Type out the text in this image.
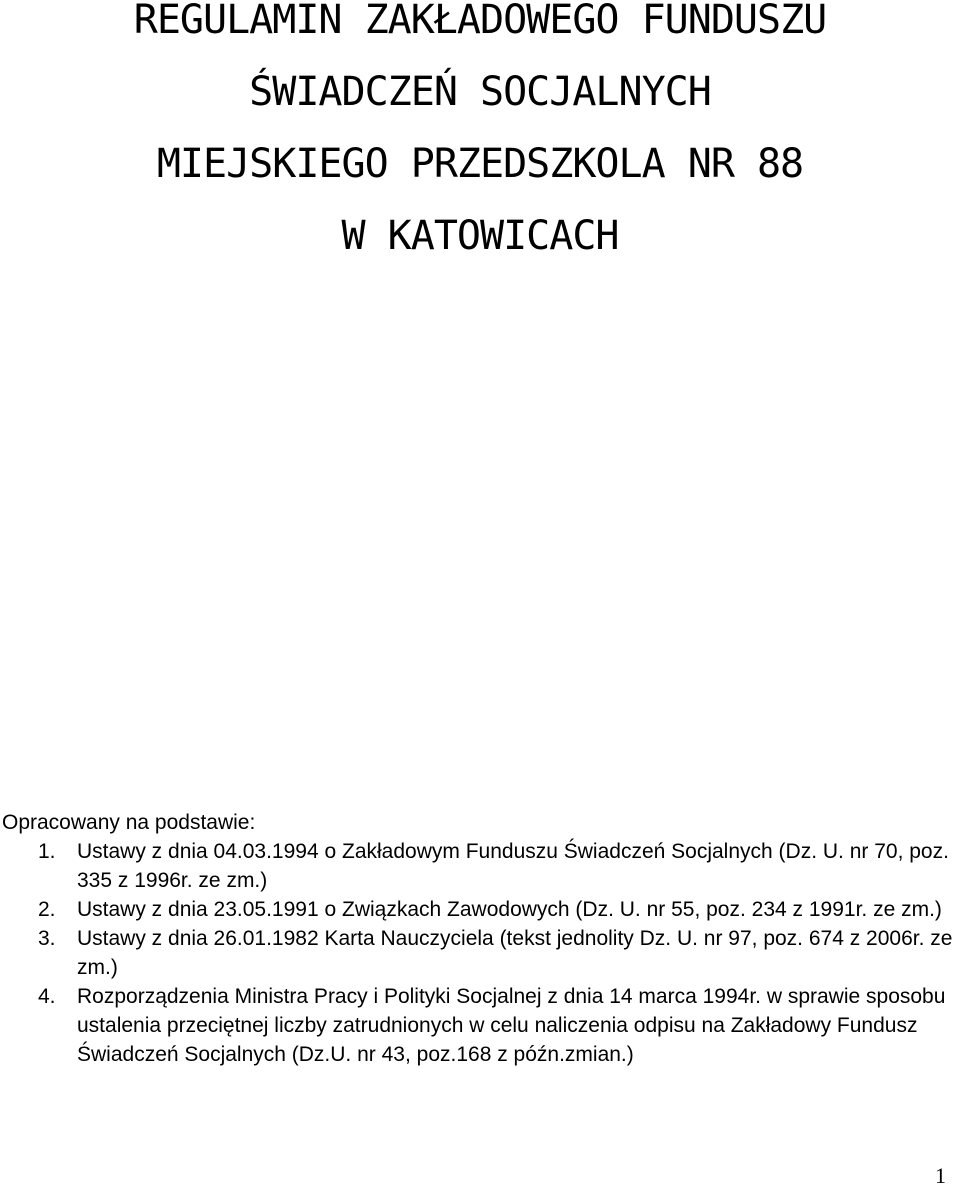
REGULAMIN ZAKŁADOWEGO FUNDUSZU
ŚWIADCZEŃ SOCJALNYCH
MIEJSKIEGO PRZEDSZKOLA NR 88
W KATOWICACH
Opracowany na podstawie:
1. Ustawy z dnia 04.03.1994 o Zakładowym Funduszu Świadczeń Socjalnych (Dz. U. nr 70, poz. 335 z 1996r. ze zm.)
2. Ustawy z dnia 23.05.1991 o Związkach Zawodowych (Dz. U. nr 55, poz. 234 z 1991r. ze zm.)
3. Ustawy z dnia 26.01.1982 Karta Nauczyciela (tekst jednolity Dz. U. nr 97, poz. 674 z 2006r. ze zm.)
4. Rozporządzenia Ministra Pracy i Polityki Socjalnej z dnia 14 marca 1994r. w sprawie sposobu ustalenia przeciętnej liczby zatrudnionych w celu naliczenia odpisu na Zakładowy Fundusz Świadczeń Socjalnych (Dz.U. nr 43, poz.168 z późn.zmian.)
1
